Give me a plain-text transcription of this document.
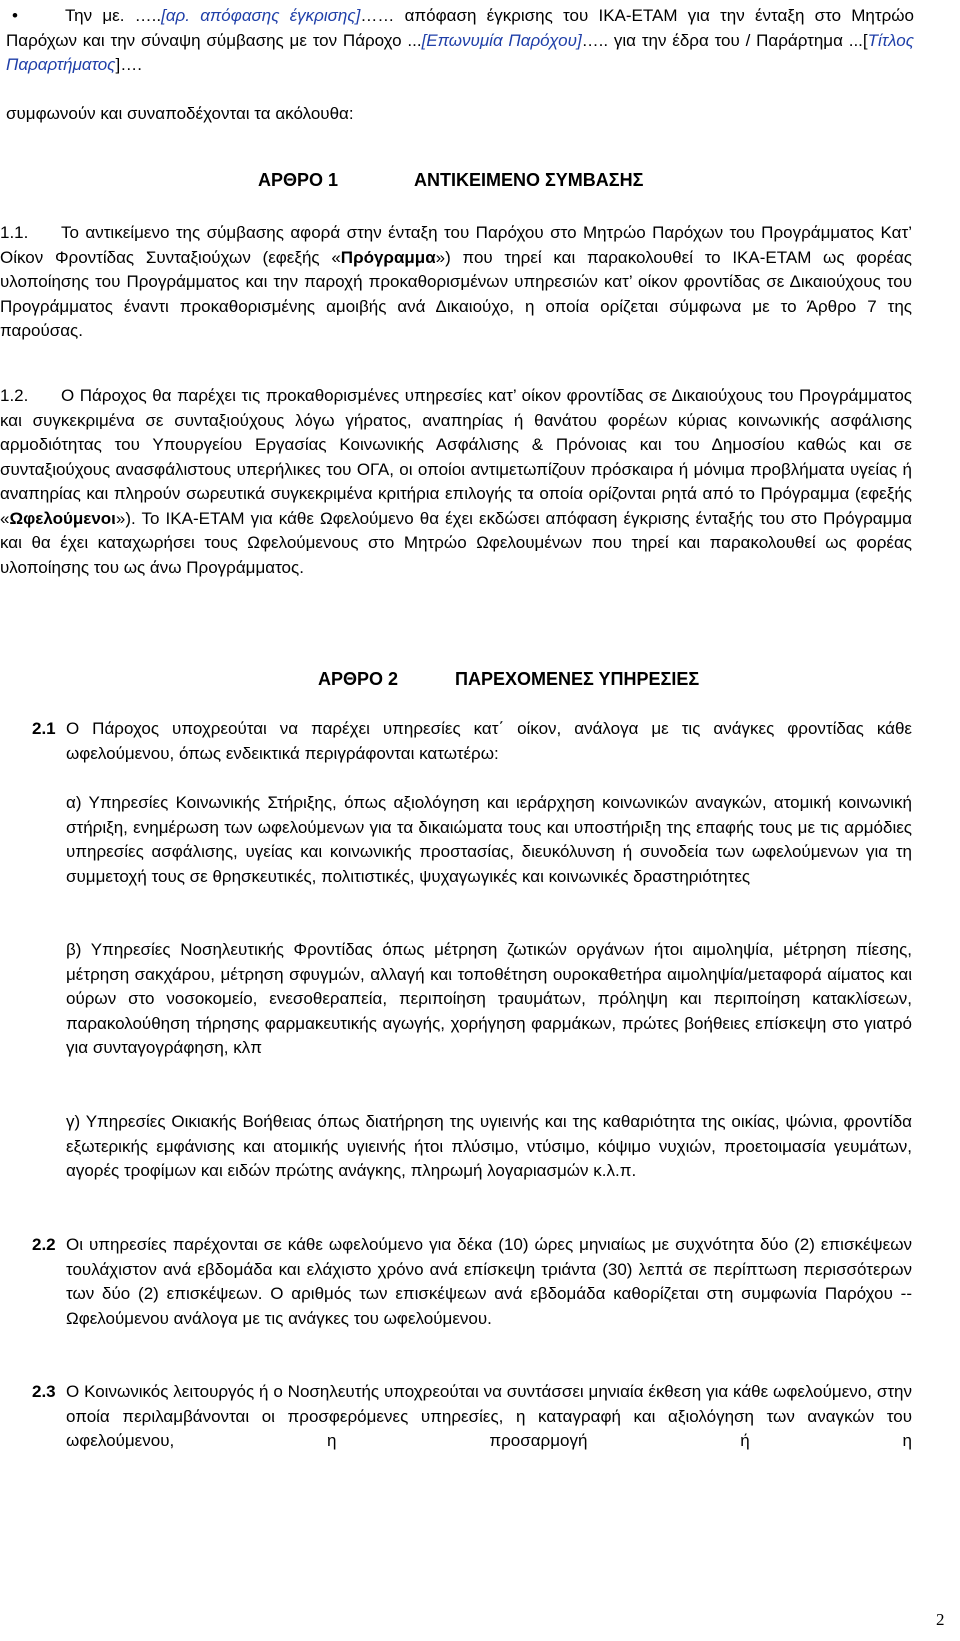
•	Την με. …..[αρ. απόφασης έγκρισης]…… απόφαση έγκρισης του ΙΚΑ-ΕΤΑΜ για την ένταξη στο Μητρώο Παρόχων και την σύναψη σύμβασης με τον Πάροχο ...[Επωνυμία Παρόχου]….. για την έδρα του / Παράρτημα ...[Τίτλος Παραρτήματος]….
συμφωνούν και συναποδέχονται τα ακόλουθα:
ΑΡΘΡΟ 1	ΑΝΤΙΚΕΙΜΕΝΟ ΣΥΜΒΑΣΗΣ
1.1.	Το αντικείμενο της σύμβασης αφορά στην ένταξη του Παρόχου στο Μητρώο Παρόχων του Προγράμματος Κατ’ Οίκον Φροντίδας Συνταξιούχων (εφεξής «Πρόγραμμα») που τηρεί και παρακολουθεί το ΙΚΑ-ΕΤΑΜ ως φορέας υλοποίησης του Προγράμματος και την παροχή προκαθορισμένων υπηρεσιών κατ’ οίκον φροντίδας σε Δικαιούχους του Προγράμματος έναντι προκαθορισμένης αμοιβής ανά Δικαιούχο, η οποία ορίζεται σύμφωνα με το Άρθρο 7 της παρούσας.
1.2.	Ο Πάροχος θα παρέχει τις προκαθορισμένες υπηρεσίες κατ’ οίκον φροντίδας σε Δικαιούχους του Προγράμματος και συγκεκριμένα σε συνταξιούχους λόγω γήρατος, αναπηρίας ή θανάτου φορέων κύριας κοινωνικής ασφάλισης αρμοδιότητας του Υπουργείου Εργασίας Κοινωνικής Ασφάλισης & Πρόνοιας και του Δημοσίου καθώς και σε συνταξιούχους ανασφάλιστους υπερήλικες του ΟΓΑ, οι οποίοι αντιμετωπίζουν πρόσκαιρα ή μόνιμα προβλήματα υγείας ή αναπηρίας και πληρούν σωρευτικά συγκεκριμένα κριτήρια επιλογής τα οποία ορίζονται ρητά από το Πρόγραμμα (εφεξής «Ωφελούμενοι»). Το ΙΚΑ-ΕΤΑΜ για κάθε Ωφελούμενο θα έχει εκδώσει απόφαση έγκρισης ένταξής του στο Πρόγραμμα και θα έχει καταχωρήσει τους Ωφελούμενους στο Μητρώο Ωφελουμένων που τηρεί και παρακολουθεί ως φορέας υλοποίησης του ως άνω Προγράμματος.
ΑΡΘΡΟ 2	ΠΑΡΕΧΟΜΕΝΕΣ ΥΠΗΡΕΣΙΕΣ
2.1 Ο Πάροχος υποχρεούται να παρέχει υπηρεσίες κατ΄ οίκον, ανάλογα με τις ανάγκες φροντίδας κάθε ωφελούμενου, όπως ενδεικτικά περιγράφονται κατωτέρω:
α) Υπηρεσίες Κοινωνικής Στήριξης, όπως αξιολόγηση και ιεράρχηση κοινωνικών αναγκών, ατομική κοινωνική στήριξη, ενημέρωση των ωφελούμενων για τα δικαιώματα τους και υποστήριξη της επαφής τους με τις αρμόδιες υπηρεσίες ασφάλισης, υγείας και κοινωνικής προστασίας, διευκόλυνση ή συνοδεία των ωφελούμενων για τη συμμετοχή τους σε θρησκευτικές, πολιτιστικές, ψυχαγωγικές και κοινωνικές δραστηριότητες
β) Υπηρεσίες Νοσηλευτικής Φροντίδας όπως μέτρηση ζωτικών οργάνων ήτοι αιμοληψία, μέτρηση πίεσης, μέτρηση σακχάρου, μέτρηση σφυγμών, αλλαγή και τοποθέτηση ουροκαθετήρα αιμοληψία/μεταφορά αίματος και ούρων στο νοσοκομείο, ενεσοθεραπεία, περιποίηση τραυμάτων, πρόληψη και περιποίηση κατακλίσεων, παρακολούθηση τήρησης φαρμακευτικής αγωγής, χορήγηση φαρμάκων, πρώτες βοήθειες επίσκεψη στο γιατρό για συνταγογράφηση, κλπ
γ) Υπηρεσίες Οικιακής Βοήθειας όπως διατήρηση της υγιεινής και της καθαριότητα της οικίας, ψώνια, φροντίδα εξωτερικής εμφάνισης και ατομικής υγιεινής ήτοι πλύσιμο, ντύσιμο, κόψιμο νυχιών, προετοιμασία γευμάτων, αγορές τροφίμων και ειδών πρώτης ανάγκης, πληρωμή λογαριασμών κ.λ.π.
2.2 Οι υπηρεσίες παρέχονται σε κάθε ωφελούμενο για δέκα (10) ώρες μηνιαίως με συχνότητα δύο (2) επισκέψεων τουλάχιστον ανά εβδομάδα και ελάχιστο χρόνο ανά επίσκεψη τριάντα (30) λεπτά σε περίπτωση περισσότερων των δύο (2) επισκέψεων. Ο αριθμός των επισκέψεων ανά εβδομάδα καθορίζεται στη συμφωνία Παρόχου -- Ωφελούμενου ανάλογα με τις ανάγκες του ωφελούμενου.
2.3 Ο Κοινωνικός λειτουργός ή ο Νοσηλευτής υποχρεούται να συντάσσει μηνιαία έκθεση για κάθε ωφελούμενο, στην οποία περιλαμβάνονται οι προσφερόμενες υπηρεσίες, η καταγραφή και αξιολόγηση των αναγκών του ωφελούμενου, η προσαρμογή ή η
2
